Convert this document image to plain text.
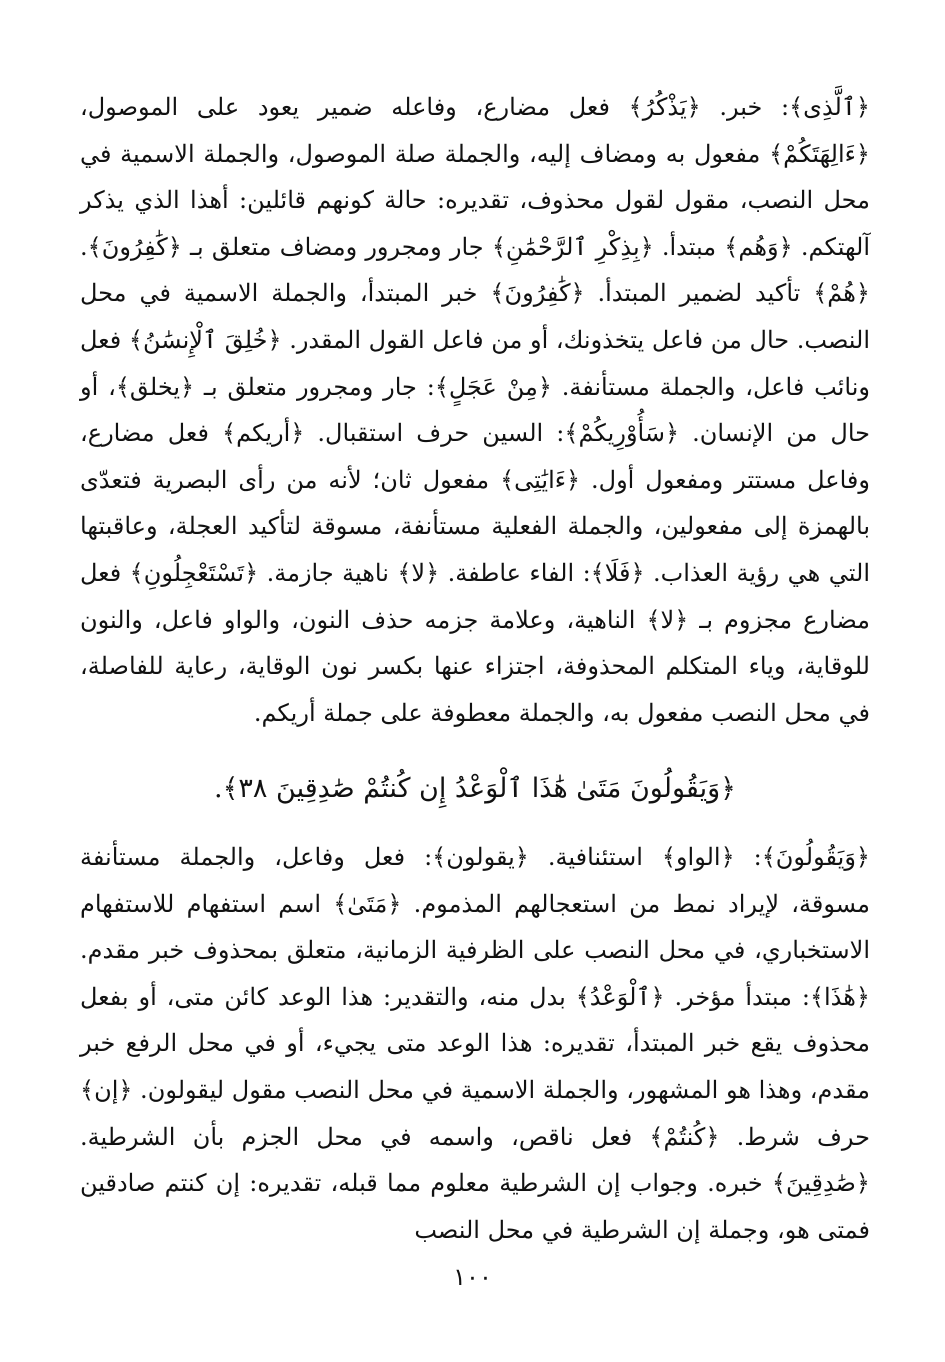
﴿ٱلَّذِى﴾: خبر. ﴿يَذْكُرُ﴾ فعل مضارع، وفاعله ضمير يعود على الموصول، ﴿ءَالِهَتَكُمْ﴾ مفعول به ومضاف إليه، والجملة صلة الموصول، والجملة الاسمية في محل النصب، مقول لقول محذوف، تقديره: حالة كونهم قائلين: أهذا الذي يذكر آلهتكم. ﴿وَهُم﴾ مبتدأ. ﴿بِذِكْرِ ٱلرَّحْمَٰنِ﴾ جار ومجرور ومضاف متعلق بـ ﴿كَٰفِرُونَ﴾. ﴿هُمْ﴾ تأكيد لضمير المبتدأ. ﴿كَٰفِرُونَ﴾ خبر المبتدأ، والجملة الاسمية في محل النصب. حال من فاعل يتخذونك، أو من فاعل القول المقدر. ﴿خُلِقَ ٱلْإِنسَٰنُ﴾ فعل ونائب فاعل، والجملة مستأنفة. ﴿مِنْ عَجَلٍ﴾: جار ومجرور متعلق بـ ﴿يخلق﴾، أو حال من الإنسان. ﴿سَأُوْرِيكُمْ﴾: السين حرف استقبال. ﴿أريكم﴾ فعل مضارع، وفاعل مستتر ومفعول أول. ﴿ءَايَٰتِى﴾ مفعول ثان؛ لأنه من رأى البصرية فتعدّى بالهمزة إلى مفعولين، والجملة الفعلية مستأنفة، مسوقة لتأكيد العجلة، وعاقبتها التي هي رؤية العذاب. ﴿فَلَا﴾: الفاء عاطفة. ﴿لا﴾ ناهية جازمة. ﴿تَسْتَعْجِلُونِ﴾ فعل مضارع مجزوم بـ ﴿لا﴾ الناهية، وعلامة جزمه حذف النون، والواو فاعل، والنون للوقاية، وياء المتكلم المحذوفة، اجتزاء عنها بكسر نون الوقاية، رعاية للفاصلة، في محل النصب مفعول به، والجملة معطوفة على جملة أريكم.

﴿وَيَقُولُونَ مَتَىٰ هَٰذَا ٱلْوَعْدُ إِن كُنتُمْ صَٰدِقِينَ ٣٨﴾.

﴿وَيَقُولُونَ﴾: ﴿الواو﴾ استئنافية. ﴿يقولون﴾: فعل وفاعل، والجملة مستأنفة مسوقة، لإيراد نمط من استعجالهم المذموم. ﴿مَتَىٰ﴾ اسم استفهام للاستفهام الاستخباري، في محل النصب على الظرفية الزمانية، متعلق بمحذوف خبر مقدم. ﴿هَٰذَا﴾: مبتدأ مؤخر. ﴿ٱلْوَعْدُ﴾ بدل منه، والتقدير: هذا الوعد كائن متى، أو بفعل محذوف يقع خبر المبتدأ، تقديره: هذا الوعد متى يجيء، أو في محل الرفع خبر مقدم، وهذا هو المشهور، والجملة الاسمية في محل النصب مقول ليقولون. ﴿إن﴾ حرف شرط. ﴿كُنتُمْ﴾ فعل ناقص، واسمه في محل الجزم بأن الشرطية. ﴿صَٰدِقِينَ﴾ خبره. وجواب إن الشرطية معلوم مما قبله، تقديره: إن كنتم صادقين فمتى هو، وجملة إن الشرطية في محل النصب

١٠٠
